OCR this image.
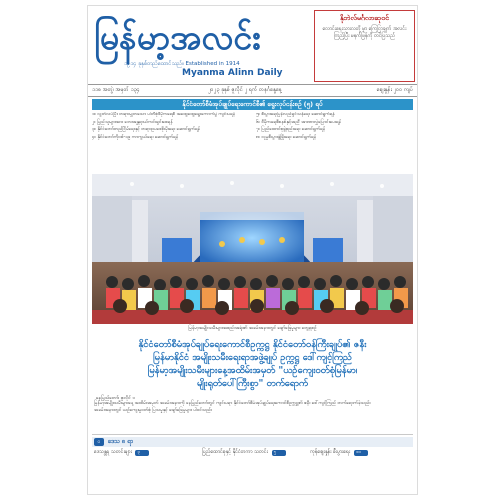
မြန်မာ့အလင်း
၁၉၁၄ ခုနှစ်တည်ထောင်သည်။ Established in 1914
Myanma Alinn Daily
နိုဘဲလ်မင်္ဂလာဆုဝင်
လောင်းရေးသားလတို့ မှာ ကြေငြာချက် အလင်းကြည့်ပြီး မနက်ဖြန်ကို တင်ပြသည်
၁၁၈ အတွဲ၊ အမှတ် ၁၃၄	၂၀၂၃ ခုနှစ် ဇူလိုင် ၂ ရက် တနင်္ဂနွေနေ့	ဈေးနှုန်း ၂၀၀ ကျပ်
နိုင်ငံတော်စီမံအုပ်ချုပ်ရေးကောင်စီ၏ ရွေးလုပ်ငန်းစဉ် (၅) ရပ်

၁။ လွတ်လပ်ပြီး တရားမျှတသော ပါတီစုံဒီမိုကရေစီ အထွေထွေရွေးကောက်ပွဲ ကျင်းပရန်

၂။ ပြည်သူများအား ဘေးအန္တရာယ်ကင်းရှင်းစေရန်

၃။ နိုင်ငံတော်တည်ငြိမ်ရေးနှင့် တရားဥပဒေစိုးမိုးရေး ဆောင်ရွက်ရန်

၄။ နိုင်ငံတော်ကိုဗစ်-၁၉ ကာကွယ်ရေး ဆောင်ရွက်ရန်

၅။ စီးပွားရေးပြန်လည်ရှင်သန်ရေး ဆောင်ရွက်ရန်

၆။ ဒီမိုကရေစီစနစ်နှင့်အညီ အာဏာလွှဲပြောင်းပေးရန်

၇။ ပြည်ထောင်စုဖွဲ့စည်းရေး ဆောင်ရွက်ရန်

၈။ လူမှုစီးပွားဖွံ့ဖြိုးရေး ဆောင်ရွက်ရန်

မြန်မာ့အမျိုးသမီးများအစည်းအရုံး၏ အခမ်းအနားတွင် ဖျော်ဖြေမှုများ တွေ့ရစဉ်
နိုင်ငံတော်စီမံအုပ်ချုပ်ရေးကောင်စီဥက္ကဋ္ဌ နိုင်ငံတော်ဝန်ကြီးချုပ်၏ ဇနီး
မြန်မာနိုင်ငံ အမျိုးသမီးရေးရာအဖွဲ့ချုပ် ဥက္ကဋ္ဌ ဒေါ်ကျင့်ကြည်
မြန်မာ့အမျိုးသမီးများနေ့အထိမ်းအမှတ် "ယဉ်ကျေးဝတ်စုံမြန်မာ၊
မျိုးရုတ်ပေါ်ကြီးစွာ" တက်ရောက်
နေပြည်တော်၊ ဇူလိုင် ၁

မြန်မာ့အမျိုးသမီးများနေ့ အထိမ်းအမှတ် အခမ်းအနားကို နေပြည်တော်တွင် ကျင်းပရာ နိုင်ငံတော်စီမံအုပ်ချုပ်ရေးကောင်စီဥက္ကဋ္ဌ၏ ဇနီး ဒေါ်ကျင့်ကြည် တက်ရောက်ခဲ့သည်။

အခမ်းအနားတွင် ယဉ်ကျေးမှုဝတ်စုံ ပြသမှုနှင့် ဖျော်ဖြေမှုများ ပါဝင်သည်။

၀	ဒေသ ၈ ရာ
ဒေသန္တရ သတင်းများ ၃	ပြည်ထောင်စုနှင့် နိုင်ငံတကာ သတင်း ၅	ကုန်ဈေးနှုန်း စီးပွားရေး ၁၀
